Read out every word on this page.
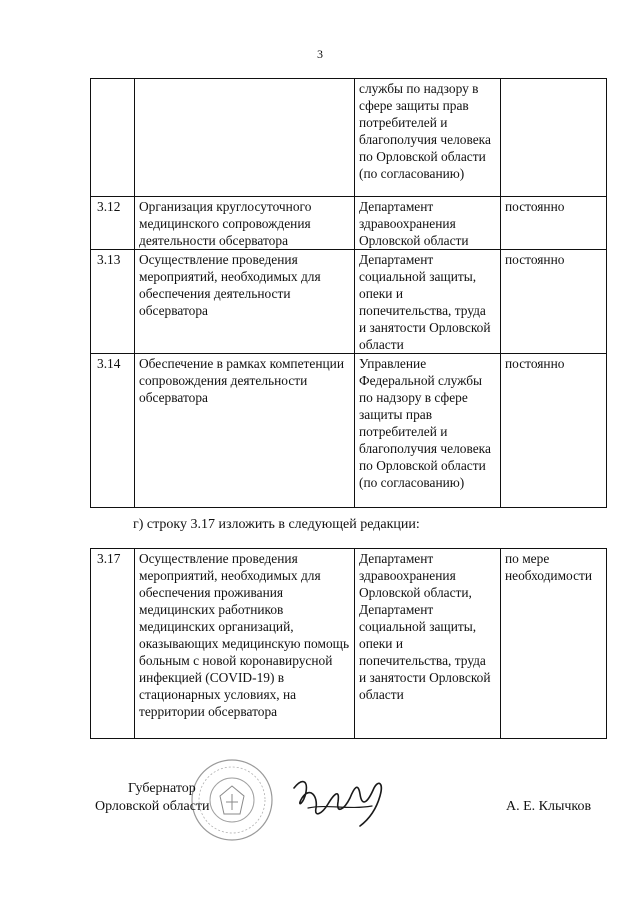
3
		службы по надзору в сфере защиты прав потребителей и благополучия человека по Орловской области (по согласованию)	
3.12	Организация круглосуточного медицинского сопровождения деятельности обсерватора	Департамент здравоохранения Орловской области	постоянно
3.13	Осуществление проведения мероприятий, необходимых для обеспечения деятельности обсерватора	Департамент социальной защиты, опеки и попечительства, труда и занятости Орловской области	постоянно
3.14	Обеспечение в рамках компетенции сопровождения деятельности обсерватора	Управление Федеральной службы по надзору в сфере защиты прав потребителей и благополучия человека по Орловской области (по согласованию)	постоянно
г) строку 3.17 изложить в следующей редакции:
3.17	Осуществление проведения мероприятий, необходимых для обеспечения проживания медицинских работников медицинских организаций, оказывающих медицинскую помощь больным с новой коронавирусной инфекцией (COVID-19) в стационарных условиях, на территории обсерватора	Департамент здравоохранения Орловской области, Департамент социальной защиты, опеки и попечительства, труда и занятости Орловской области	по мере необходимости
Губернатор
Орловской области	А. Е. Клычков
